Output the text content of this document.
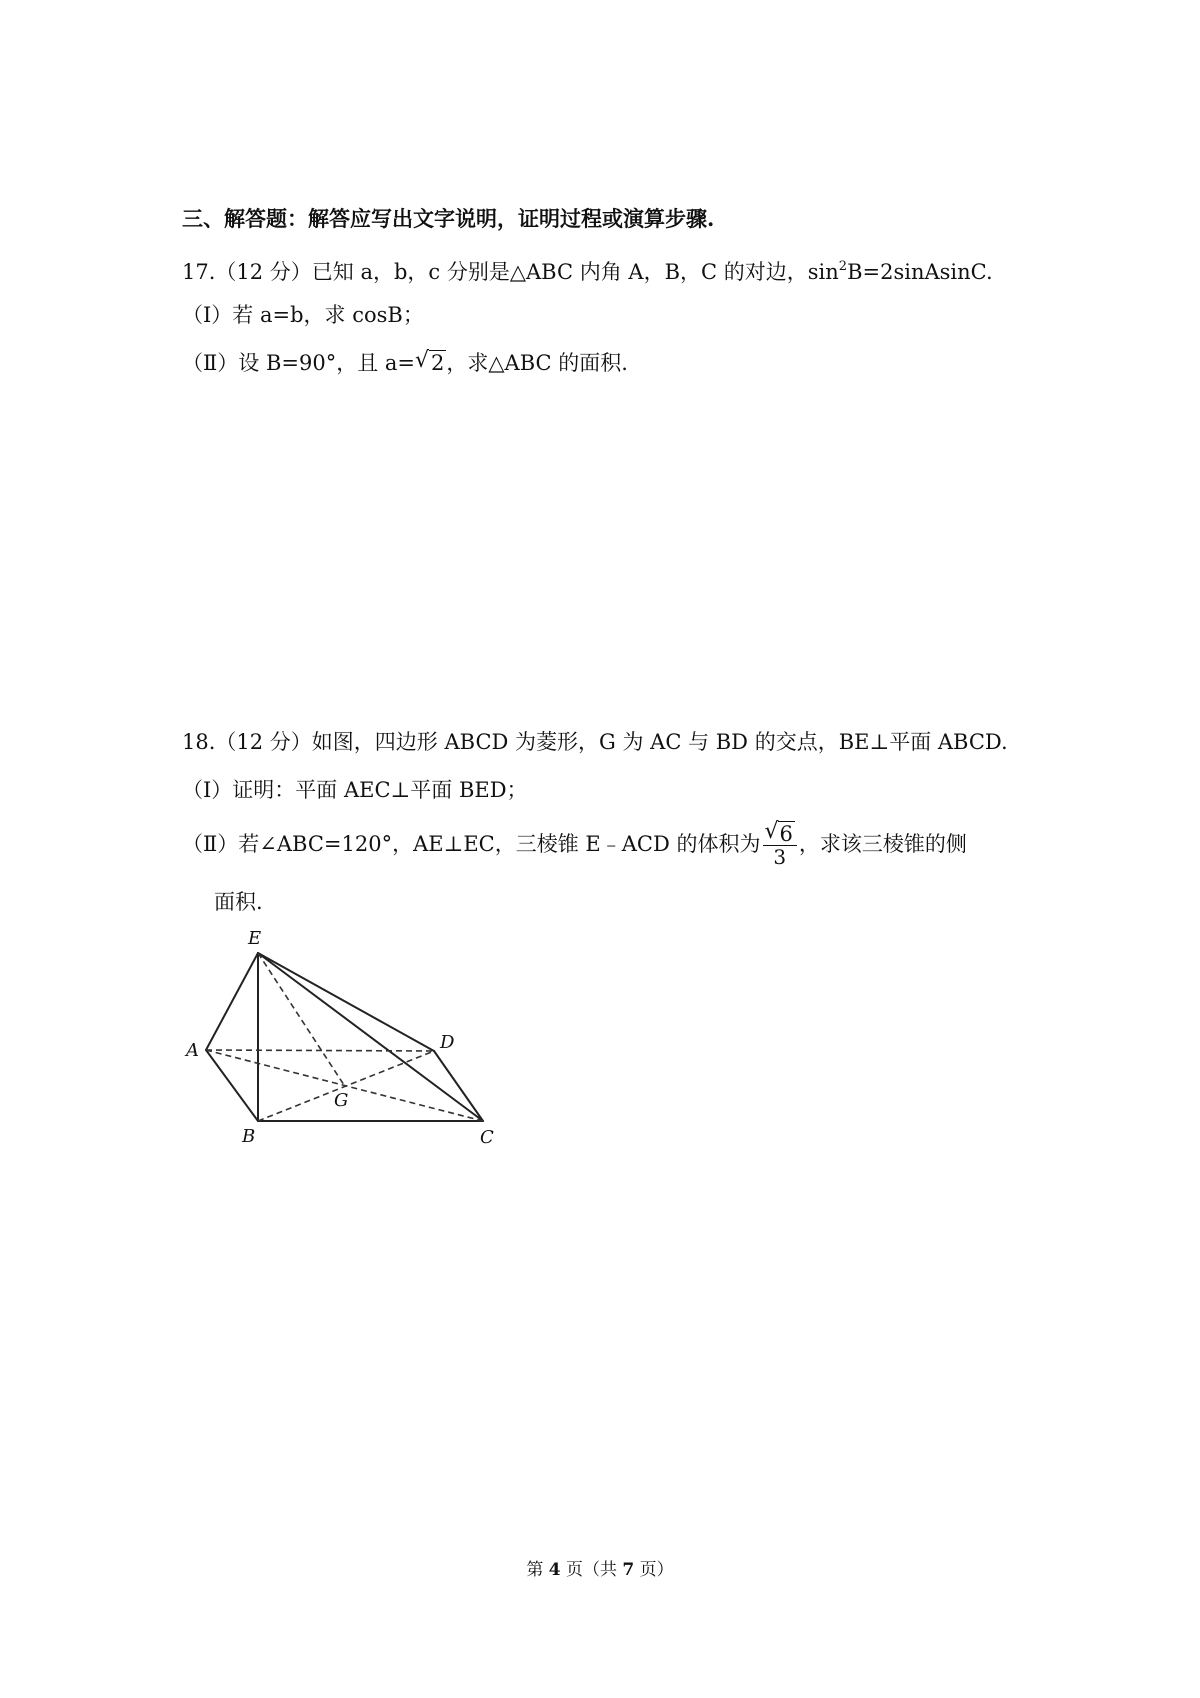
三、解答题：解答应写出文字说明，证明过程或演算步骤.
17.（12 分）已知 a，b，c 分别是△ABC 内角 A，B，C 的对边，$\sin^2B=2sinAsinC$.
（Ⅰ）若 a=b，求 cosB；
（Ⅱ）设 B=90°，且 a= √ 2，求△ABC 的面积.
18.（12 分）如图，四边形 ABCD 为菱形，G 为 AC 与 BD 的交点，BE⊥平面 ABCD.
（Ⅰ）证明：平面 AEC⊥平面 BED；
（Ⅱ）若∠ABC=120°，AE⊥EC，三棱锥 E﹣ACD 的体积为 √ $\frac{6}{3}$ ，求该三棱锥的侧
面积.
E
A	D
G
B	C
第 4 页（共 7 页）
